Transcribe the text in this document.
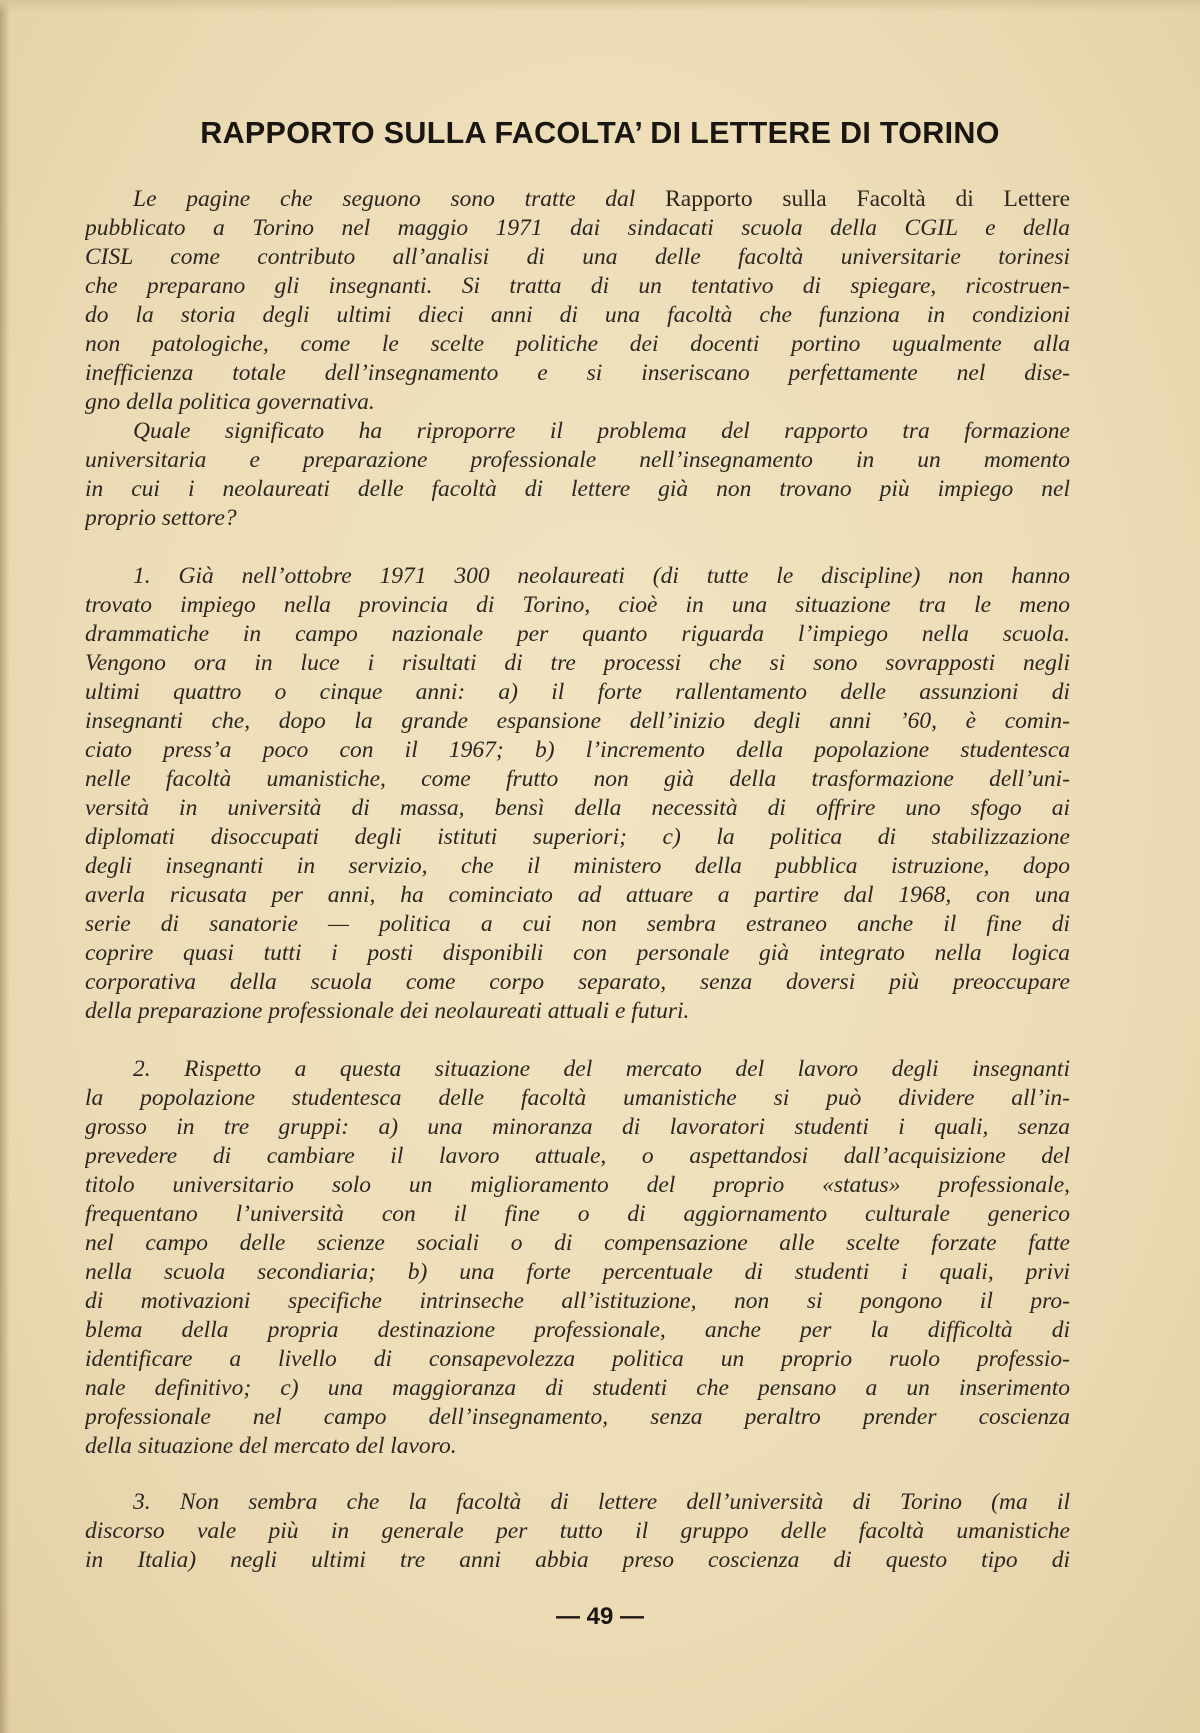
RAPPORTO SULLA FACOLTA’ DI LETTERE DI TORINO

Le pagine che seguono sono tratte dal Rapporto sulla Facoltà di Lettere

pubblicato a Torino nel maggio 1971 dai sindacati scuola della CGIL e della

CISL come contributo all’analisi di una delle facoltà universitarie torinesi

che preparano gli insegnanti. Si tratta di un tentativo di spiegare, ricostruen-

do la storia degli ultimi dieci anni di una facoltà che funziona in condizioni

non patologiche, come le scelte politiche dei docenti portino ugualmente alla

inefficienza totale dell’insegnamento e si inseriscano perfettamente nel dise-

gno della politica governativa.

Quale significato ha riproporre il problema del rapporto tra formazione

universitaria e preparazione professionale nell’insegnamento in un momento

in cui i neolaureati delle facoltà di lettere già non trovano più impiego nel

proprio settore?

1. Già nell’ottobre 1971 300 neolaureati (di tutte le discipline) non hanno

trovato impiego nella provincia di Torino, cioè in una situazione tra le meno

drammatiche in campo nazionale per quanto riguarda l’impiego nella scuola.

Vengono ora in luce i risultati di tre processi che si sono sovrapposti negli

ultimi quattro o cinque anni: a) il forte rallentamento delle assunzioni di

insegnanti che, dopo la grande espansione dell’inizio degli anni ’60, è comin-

ciato press’a poco con il 1967; b) l’incremento della popolazione studentesca

nelle facoltà umanistiche, come frutto non già della trasformazione dell’uni-

versità in università di massa, bensì della necessità di offrire uno sfogo ai

diplomati disoccupati degli istituti superiori; c) la politica di stabilizzazione

degli insegnanti in servizio, che il ministero della pubblica istruzione, dopo

averla ricusata per anni, ha cominciato ad attuare a partire dal 1968, con una

serie di sanatorie — politica a cui non sembra estraneo anche il fine di

coprire quasi tutti i posti disponibili con personale già integrato nella logica

corporativa della scuola come corpo separato, senza doversi più preoccupare

della preparazione professionale dei neolaureati attuali e futuri.

2. Rispetto a questa situazione del mercato del lavoro degli insegnanti

la popolazione studentesca delle facoltà umanistiche si può dividere all’in-

grosso in tre gruppi: a) una minoranza di lavoratori studenti i quali, senza

prevedere di cambiare il lavoro attuale, o aspettandosi dall’acquisizione del

titolo universitario solo un miglioramento del proprio «status» professionale,

frequentano l’università con il fine o di aggiornamento culturale generico

nel campo delle scienze sociali o di compensazione alle scelte forzate fatte

nella scuola secondiaria; b) una forte percentuale di studenti i quali, privi

di motivazioni specifiche intrinseche all’istituzione, non si pongono il pro-

blema della propria destinazione professionale, anche per la difficoltà di

identificare a livello di consapevolezza politica un proprio ruolo professio-

nale definitivo; c) una maggioranza di studenti che pensano a un inserimento

professionale nel campo dell’insegnamento, senza peraltro prender coscienza

della situazione del mercato del lavoro.

3. Non sembra che la facoltà di lettere dell’università di Torino (ma il

discorso vale più in generale per tutto il gruppo delle facoltà umanistiche

in Italia) negli ultimi tre anni abbia preso coscienza di questo tipo di

— 49 —
